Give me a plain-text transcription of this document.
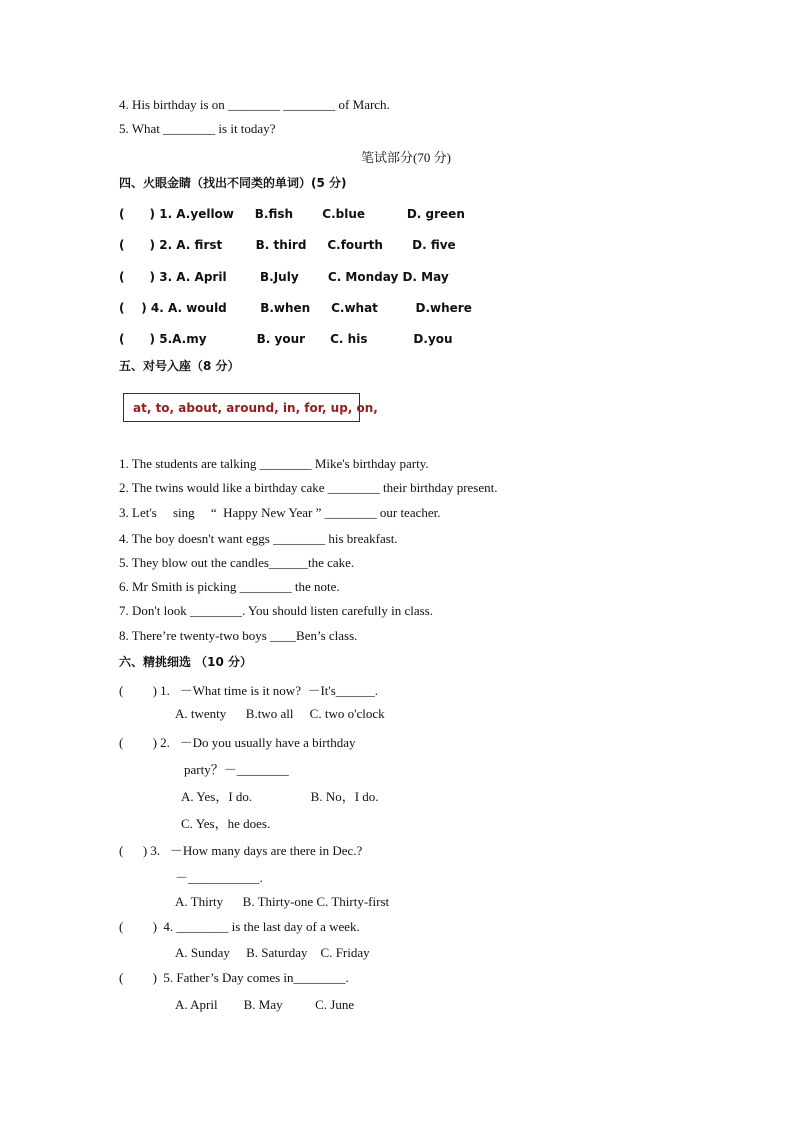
4. His birthday is on ________ ________ of March.
5. What ________ is it today?
笔试部分(70 分)
四、火眼金睛（找出不同类的单词）(5 分)
(      ) 1. A.yellow     B.fish       C.blue          D. green
(      ) 2. A. first        B. third     C.fourth       D. five
(      ) 3. A. April        B.July       C. Monday D. May
(    ) 4. A. would        B.when     C.what         D.where
(      ) 5.A.my            B. your      C. his           D.you
五、对号入座（8 分）
at, to, about, around, in, for, up, on,
1. The students are talking ________ Mike's birthday party.
2. The twins would like a birthday cake ________ their birthday present.
3. Let's     sing     “  Happy New Year ” ________ our teacher.
4. The boy doesn't want eggs ________ his breakfast.
5. They blow out the candles______the cake.
6. Mr Smith is picking ________ the note.
7. Don't look ________. You should listen carefully in class.
8. There’re twenty-two boys ____Ben’s class.
六、精挑细选 （10 分）
(         ) 1.   －What time is it now?  －It's______.
A. twenty      B.two all     C. two o'clock
(         ) 2.   －Do you usually have a birthday
party？－________
A. Yes，I do.                  B. No，I do.
C. Yes，he does.
(      ) 3.   －How many days are there in Dec.?
－___________.
A. Thirty      B. Thirty-one C. Thirty-first
(         )  4. ________ is the last day of a week.
A. Sunday     B. Saturday    C. Friday
(         )  5. Father’s Day comes in________.
A. April        B. May          C. June
